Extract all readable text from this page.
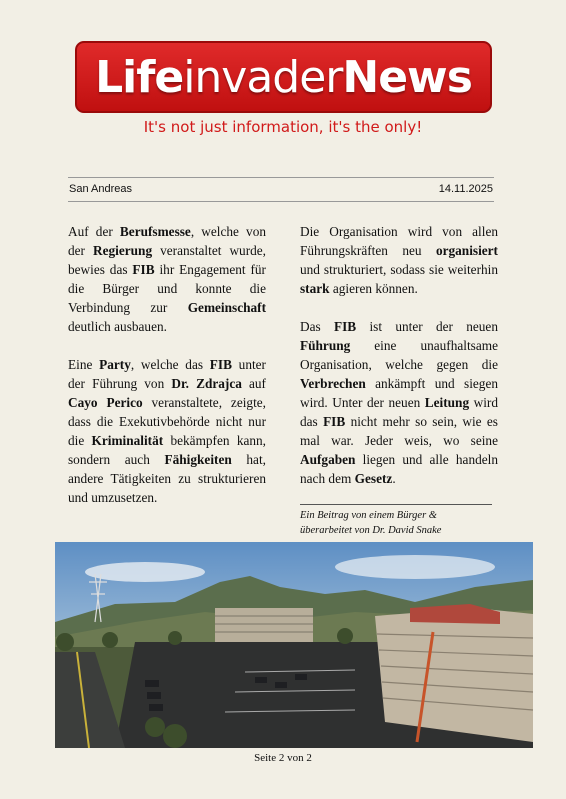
Life invader News
It's not just information, it's the only!
San Andreas	14.11.2025

Auf der Berufsmesse, welche von der Regierung veranstaltet wurde, bewies das FIB ihr Engagement für die Bürger und konnte die Verbindung zur Gemeinschaft deutlich ausbauen.

Eine Party, welche das FIB unter der Führung von Dr. Zdrajca auf Cayo Perico veranstaltete, zeigte, dass die Exekutivbehörde nicht nur die Kriminalität bekämpfen kann, sondern auch Fähigkeiten hat, andere Tätigkeiten zu strukturieren und umzusetzen.

Die Organisation wird von allen Führungskräften neu organisiert und strukturiert, sodass sie weiterhin stark agieren können.

Das FIB ist unter der neuen Führung eine unaufhaltsame Organisation, welche gegen die Verbrechen ankämpft und siegen wird. Unter der neuen Leitung wird das FIB nicht mehr so sein, wie es mal war. Jeder weis, wo seine Aufgaben liegen und alle handeln nach dem Gesetz.

Ein Beitrag von einem Bürger &
überarbeitet von Dr. David Snake
Seite 2 von 2
